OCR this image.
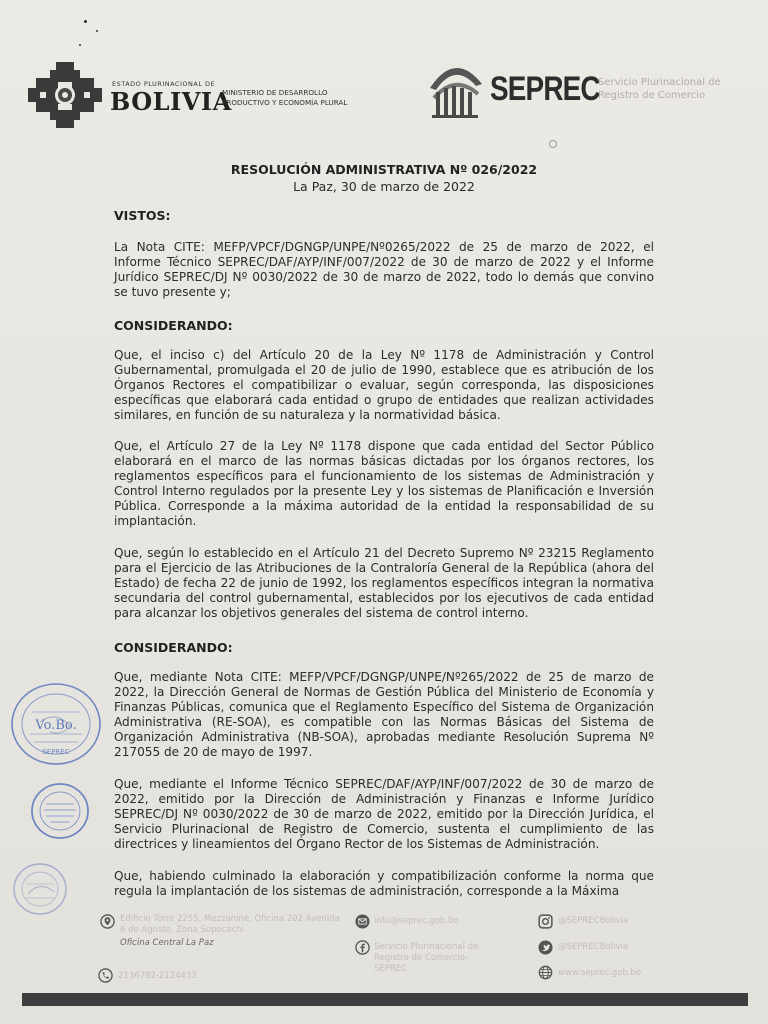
ESTADO PLURINACIONAL DE
BOLIVIA
MINISTERIO DE DESARROLLO PRODUCTIVO Y ECONOMÍA PLURAL	SEPREC
Servicio Plurinacional de Registro de Comercio
RESOLUCIÓN ADMINISTRATIVA Nº 026/2022
La Paz, 30 de marzo de 2022
VISTOS:

La Nota CITE: MEFP/VPCF/DGNGP/UNPE/Nº0265/2022 de 25 de marzo de 2022, el Informe Técnico SEPREC/DAF/AYP/INF/007/2022 de 30 de marzo de 2022 y el Informe Jurídico SEPREC/DJ Nº 0030/2022 de 30 de marzo de 2022, todo lo demás que convino se tuvo presente y;

CONSIDERANDO:

Que, el inciso c) del Artículo 20 de la Ley Nº 1178 de Administración y Control Gubernamental, promulgada el 20 de julio de 1990, establece que es atribución de los Órganos Rectores el compatibilizar o evaluar, según corresponda, las disposiciones específicas que elaborará cada entidad o grupo de entidades que realizan actividades similares, en función de su naturaleza y la normatividad básica.

Que, el Artículo 27 de la Ley Nº 1178 dispone que cada entidad del Sector Público elaborará en el marco de las normas básicas dictadas por los órganos rectores, los reglamentos específicos para el funcionamiento de los sistemas de Administración y Control Interno regulados por la presente Ley y los sistemas de Planificación e Inversión Pública. Corresponde a la máxima autoridad de la entidad la responsabilidad de su implantación.

Que, según lo establecido en el Artículo 21 del Decreto Supremo Nº 23215 Reglamento para el Ejercicio de las Atribuciones de la Contraloría General de la República (ahora del Estado) de fecha 22 de junio de 1992, los reglamentos específicos integran la normativa secundaria del control gubernamental, establecidos por los ejecutivos de cada entidad para alcanzar los objetivos generales del sistema de control interno.

CONSIDERANDO:

Que, mediante Nota CITE: MEFP/VPCF/DGNGP/UNPE/Nº265/2022 de 25 de marzo de 2022, la Dirección General de Normas de Gestión Pública del Ministerio de Economía y Finanzas Públicas, comunica que el Reglamento Específico del Sistema de Organización Administrativa (RE-SOA), es compatible con las Normas Básicas del Sistema de Organización Administrativa (NB-SOA), aprobadas mediante Resolución Suprema Nº 217055 de 20 de mayo de 1997.

Que, mediante el Informe Técnico SEPREC/DAF/AYP/INF/007/2022 de 30 de marzo de 2022, emitido por la Dirección de Administración y Finanzas e Informe Jurídico SEPREC/DJ Nº 0030/2022 de 30 de marzo de 2022, emitido por la Dirección Jurídica, el Servicio Plurinacional de Registro de Comercio, sustenta el cumplimiento de las directrices y lineamientos del Órgano Rector de los Sistemas de Administración.

Que, habiendo culminado la elaboración y compatibilización conforme la norma que regula la implantación de los sistemas de administración, corresponde a la Máxima

Vo.Bo.
SEPREC
Edificio Torre 2255, Mezzanine, Oficina 202 Avenida 6 de Agosto, Zona Sopocachi
Oficina Central La Paz
2136792-2124433
info@seprec.gob.bo
Servicio Plurinacional de Registro de Comercio-SEPREC
@SEPRECBolivia
@SEPRECBolivia
www.seprec.gob.bo
